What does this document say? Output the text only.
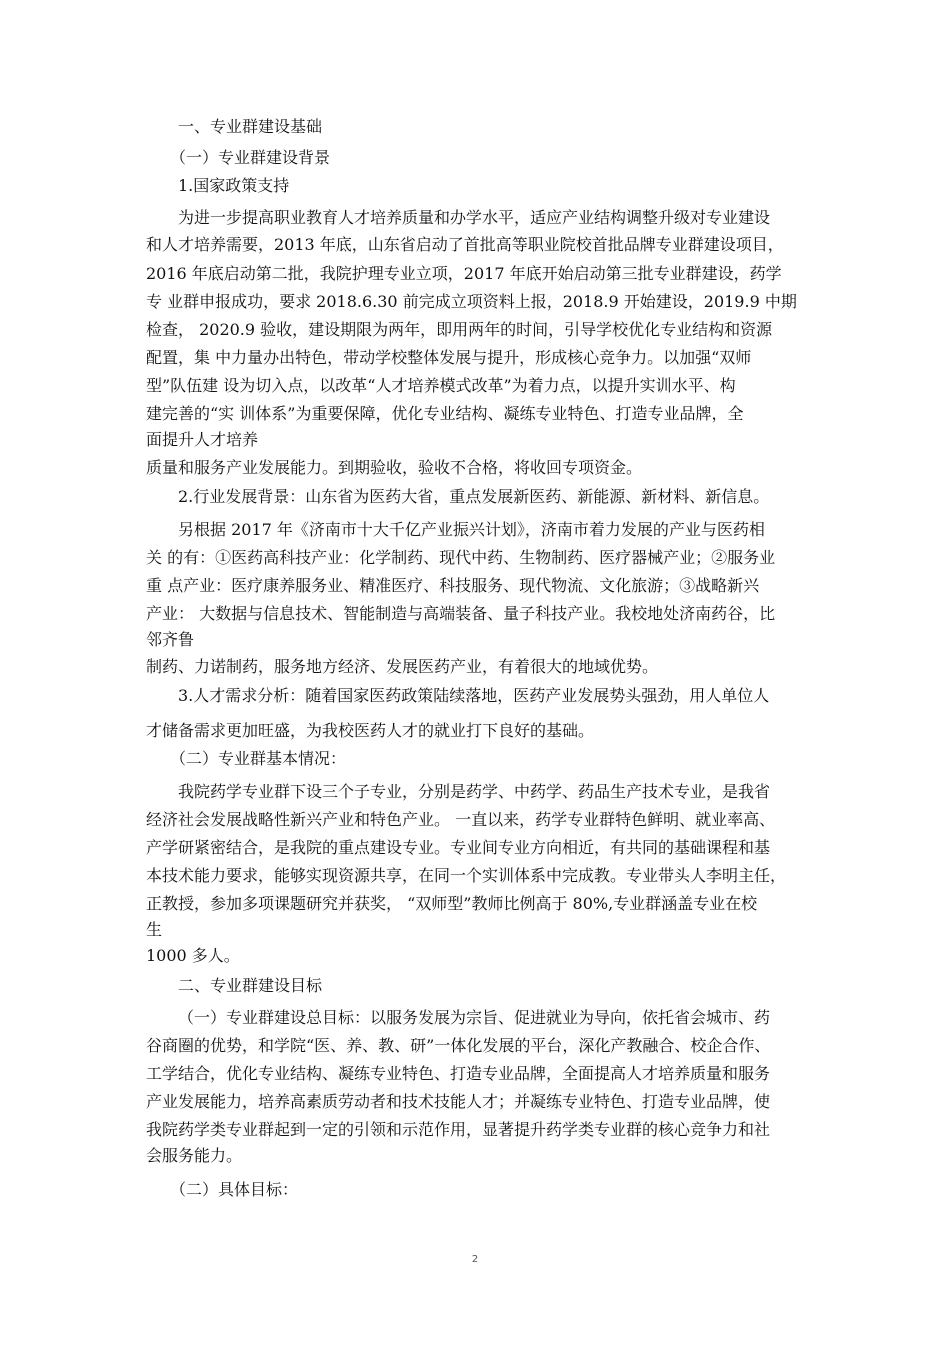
一、专业群建设基础
（一）专业群建设背景
1.国家政策支持
为进一步提高职业教育人才培养质量和办学水平，适应产业结构调整升级对专业建设
和人才培养需要，2013 年底，山东省启动了首批高等职业院校首批品牌专业群建设项目，
2016 年底启动第二批，我院护理专业立项，2017 年底开始启动第三批专业群建设，药学
专 业群申报成功，要求 2018.6.30 前完成立项资料上报，2018.9 开始建设，2019.9 中期
检查， 2020.9 验收，建设期限为两年，即用两年的时间，引导学校优化专业结构和资源
配置，集 中力量办出特色，带动学校整体发展与提升，形成核心竞争力。以加强“双师
型”队伍建 设为切入点，以改革“人才培养模式改革”为着力点，以提升实训水平、构
建完善的“实 训体系”为重要保障，优化专业结构、凝练专业特色、打造专业品牌，全
面提升人才培养
质量和服务产业发展能力。到期验收，验收不合格，将收回专项资金。
2.行业发展背景：山东省为医药大省，重点发展新医药、新能源、新材料、新信息。
另根据 2017 年《济南市十大千亿产业振兴计划》，济南市着力发展的产业与医药相
关 的有：①医药高科技产业：化学制药、现代中药、生物制药、医疗器械产业；②服务业
重 点产业：医疗康养服务业、精准医疗、科技服务、现代物流、文化旅游；③战略新兴
产业： 大数据与信息技术、智能制造与高端装备、量子科技产业。我校地处济南药谷，比
邻齐鲁
制药、力诺制药，服务地方经济、发展医药产业，有着很大的地域优势。
3.人才需求分析：随着国家医药政策陆续落地，医药产业发展势头强劲，用人单位人
才储备需求更加旺盛，为我校医药人才的就业打下良好的基础。
（二）专业群基本情况：
我院药学专业群下设三个子专业，分别是药学、中药学、药品生产技术专业，是我省
经济社会发展战略性新兴产业和特色产业。 一直以来，药学专业群特色鲜明、就业率高、
产学研紧密结合，是我院的重点建设专业。专业间专业方向相近，有共同的基础课程和基
本技术能力要求，能够实现资源共享，在同一个实训体系中完成教。专业带头人李明主任，
正教授，参加多项课题研究并获奖， “双师型”教师比例高于 80%,专业群涵盖专业在校
生
1000 多人。
二、专业群建设目标
（一）专业群建设总目标：以服务发展为宗旨、促进就业为导向，依托省会城市、药
谷商圈的优势，和学院“医、养、教、研”一体化发展的平台，深化产教融合、校企合作、
工学结合，优化专业结构、凝练专业特色、打造专业品牌，全面提高人才培养质量和服务
产业发展能力，培养高素质劳动者和技术技能人才；并凝练专业特色、打造专业品牌，使
我院药学类专业群起到一定的引领和示范作用，显著提升药学类专业群的核心竞争力和社
会服务能力。
（二）具体目标：
2
